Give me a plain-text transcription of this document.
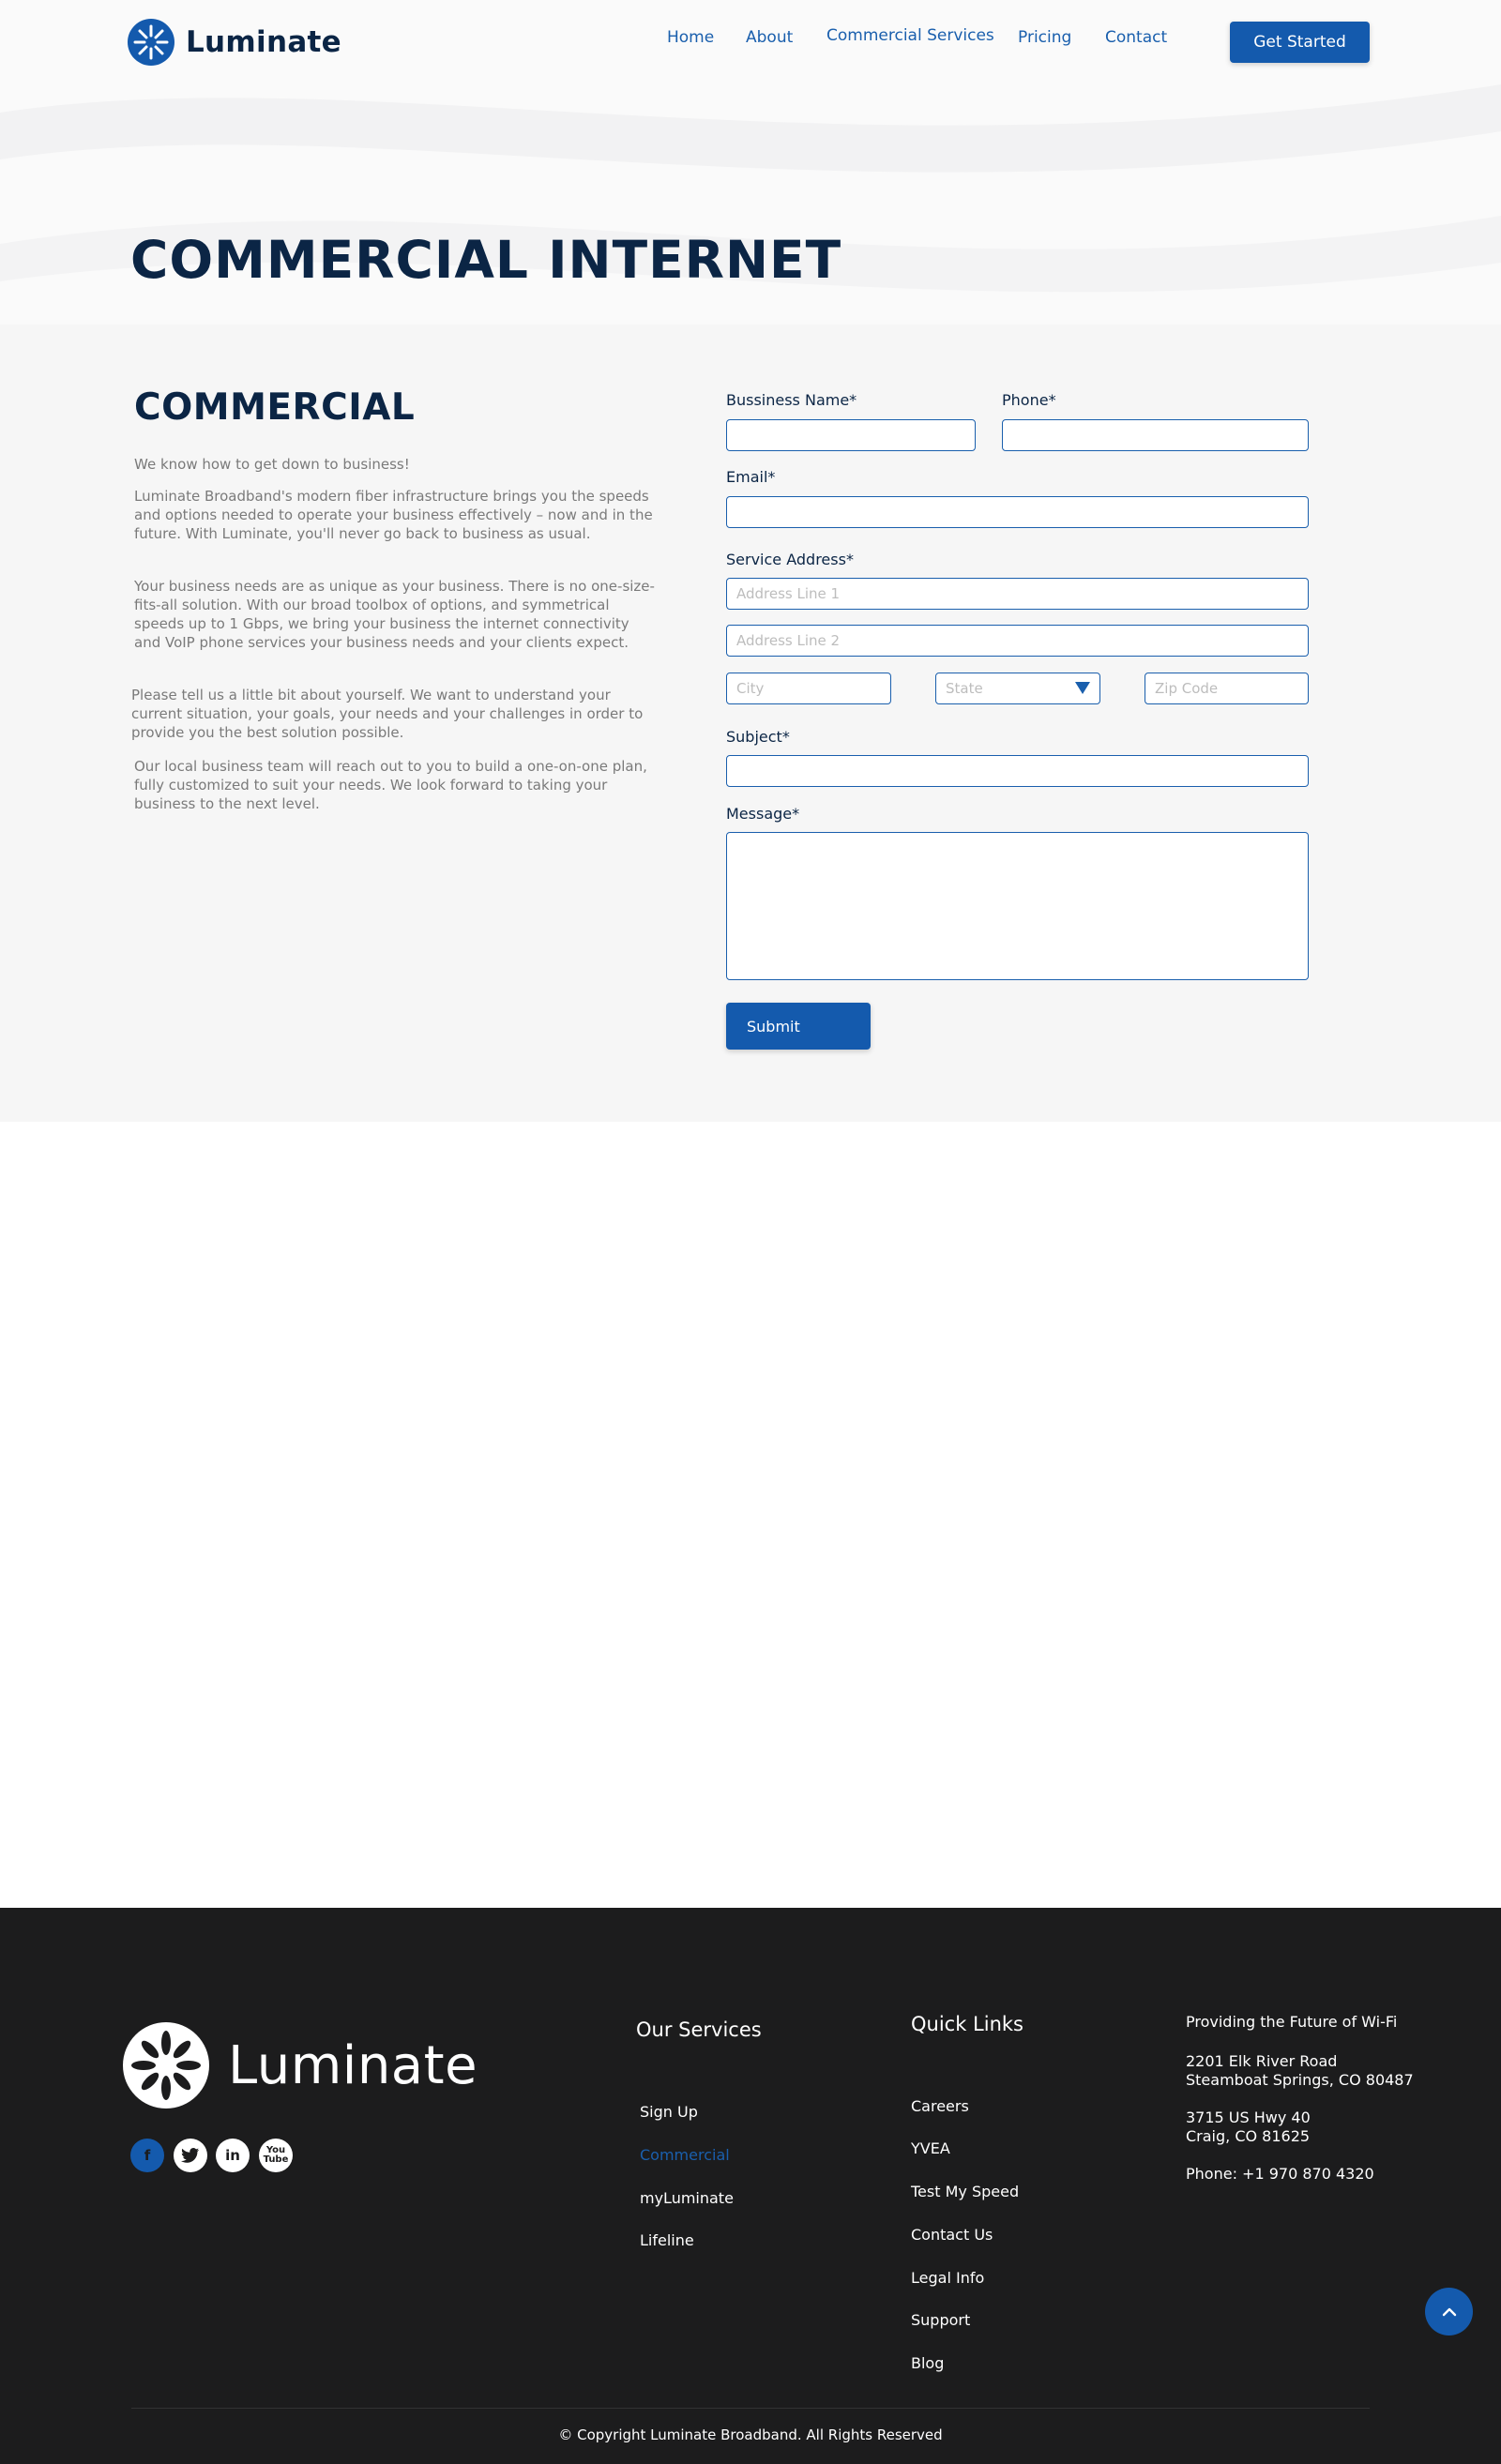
Luminate	Home About Commercial Services Pricing Contact	Get Started
COMMERCIAL INTERNET
COMMERCIAL

We know how to get down to business!

Luminate Broadband's modern fiber infrastructure brings you the speeds and options needed to operate your business effectively – now and in the future. With Luminate, you'll never go back to business as usual.

Your business needs are as unique as your business. There is no one-size-fits-all solution. With our broad toolbox of options, and symmetrical speeds up to 1 Gbps, we bring your business the internet connectivity and VoIP phone services your business needs and your clients expect.

Please tell us a little bit about yourself. We want to understand your current situation, your goals, your needs and your challenges in order to provide you the best solution possible.

Our local business team will reach out to you to build a one-on-one plan, fully customized to suit your needs. We look forward to taking your business to the next level.

Bussiness Name*	Phone*
Email*
Service Address*
Address Line 1
Address Line 2
City	State	Zip Code
Subject*
Message*
Submit
Luminate
f	in	You
Tube
Our Services
Sign Up
Commercial
myLuminate
Lifeline
Quick Links
Careers
YVEA
Test My Speed
Contact Us
Legal Info
Support
Blog
Providing the Future of Wi-Fi
2201 Elk River Road
Steamboat Springs, CO 80487
3715 US Hwy 40
Craig, CO 81625
Phone: +1 970 870 4320
© Copyright Luminate Broadband. All Rights Reserved
